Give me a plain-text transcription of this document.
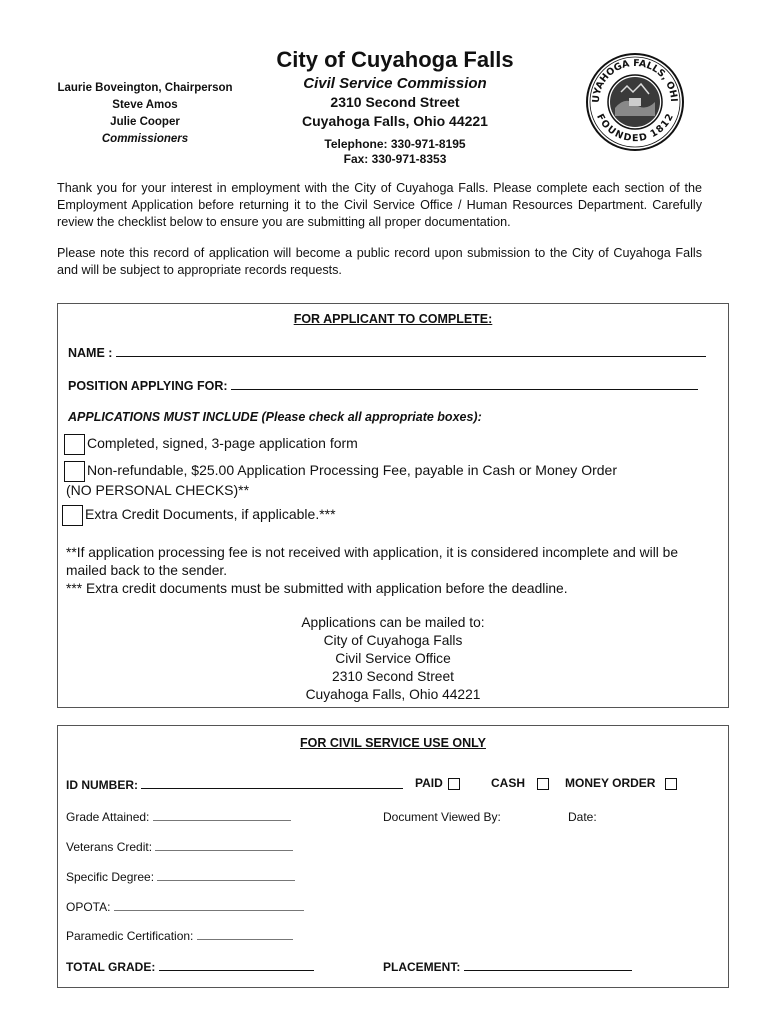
Laurie Boveington, Chairperson
Steve Amos
Julie Cooper
Commissioners
City of Cuyahoga Falls
Civil Service Commission
2310 Second Street
Cuyahoga Falls, Ohio 44221
Telephone: 330-971-8195
Fax: 330-971-8353
UYAHOGA FALLS, OHI
FOUNDED 1812

Thank you for your interest in employment with the City of Cuyahoga Falls. Please complete each section of the Employment Application before returning it to the Civil Service Office / Human Resources Department. Carefully review the checklist below to ensure you are submitting all proper documentation.

Please note this record of application will become a public record upon submission to the City of Cuyahoga Falls and will be subject to appropriate records requests.

FOR APPLICANT TO COMPLETE:
NAME :
POSITION APPLYING FOR:
APPLICATIONS MUST INCLUDE (Please check all appropriate boxes):
Completed, signed, 3-page application form
Non-refundable, $25.00 Application Processing Fee, payable in Cash or Money Order
(NO PERSONAL CHECKS)**
Extra Credit Documents, if applicable.***
**If application processing fee is not received with application, it is considered incomplete and will be mailed back to the sender.
*** Extra credit documents must be submitted with application before the deadline.
Applications can be mailed to:
City of Cuyahoga Falls
Civil Service Office
2310 Second Street
Cuyahoga Falls, Ohio 44221
FOR CIVIL SERVICE USE ONLY
ID NUMBER:	PAID	CASH	MONEY ORDER
Grade Attained:	Document Viewed By:	Date:
Veterans Credit:
Specific Degree:
OPOTA:
Paramedic Certification:
TOTAL GRADE:	PLACEMENT:
